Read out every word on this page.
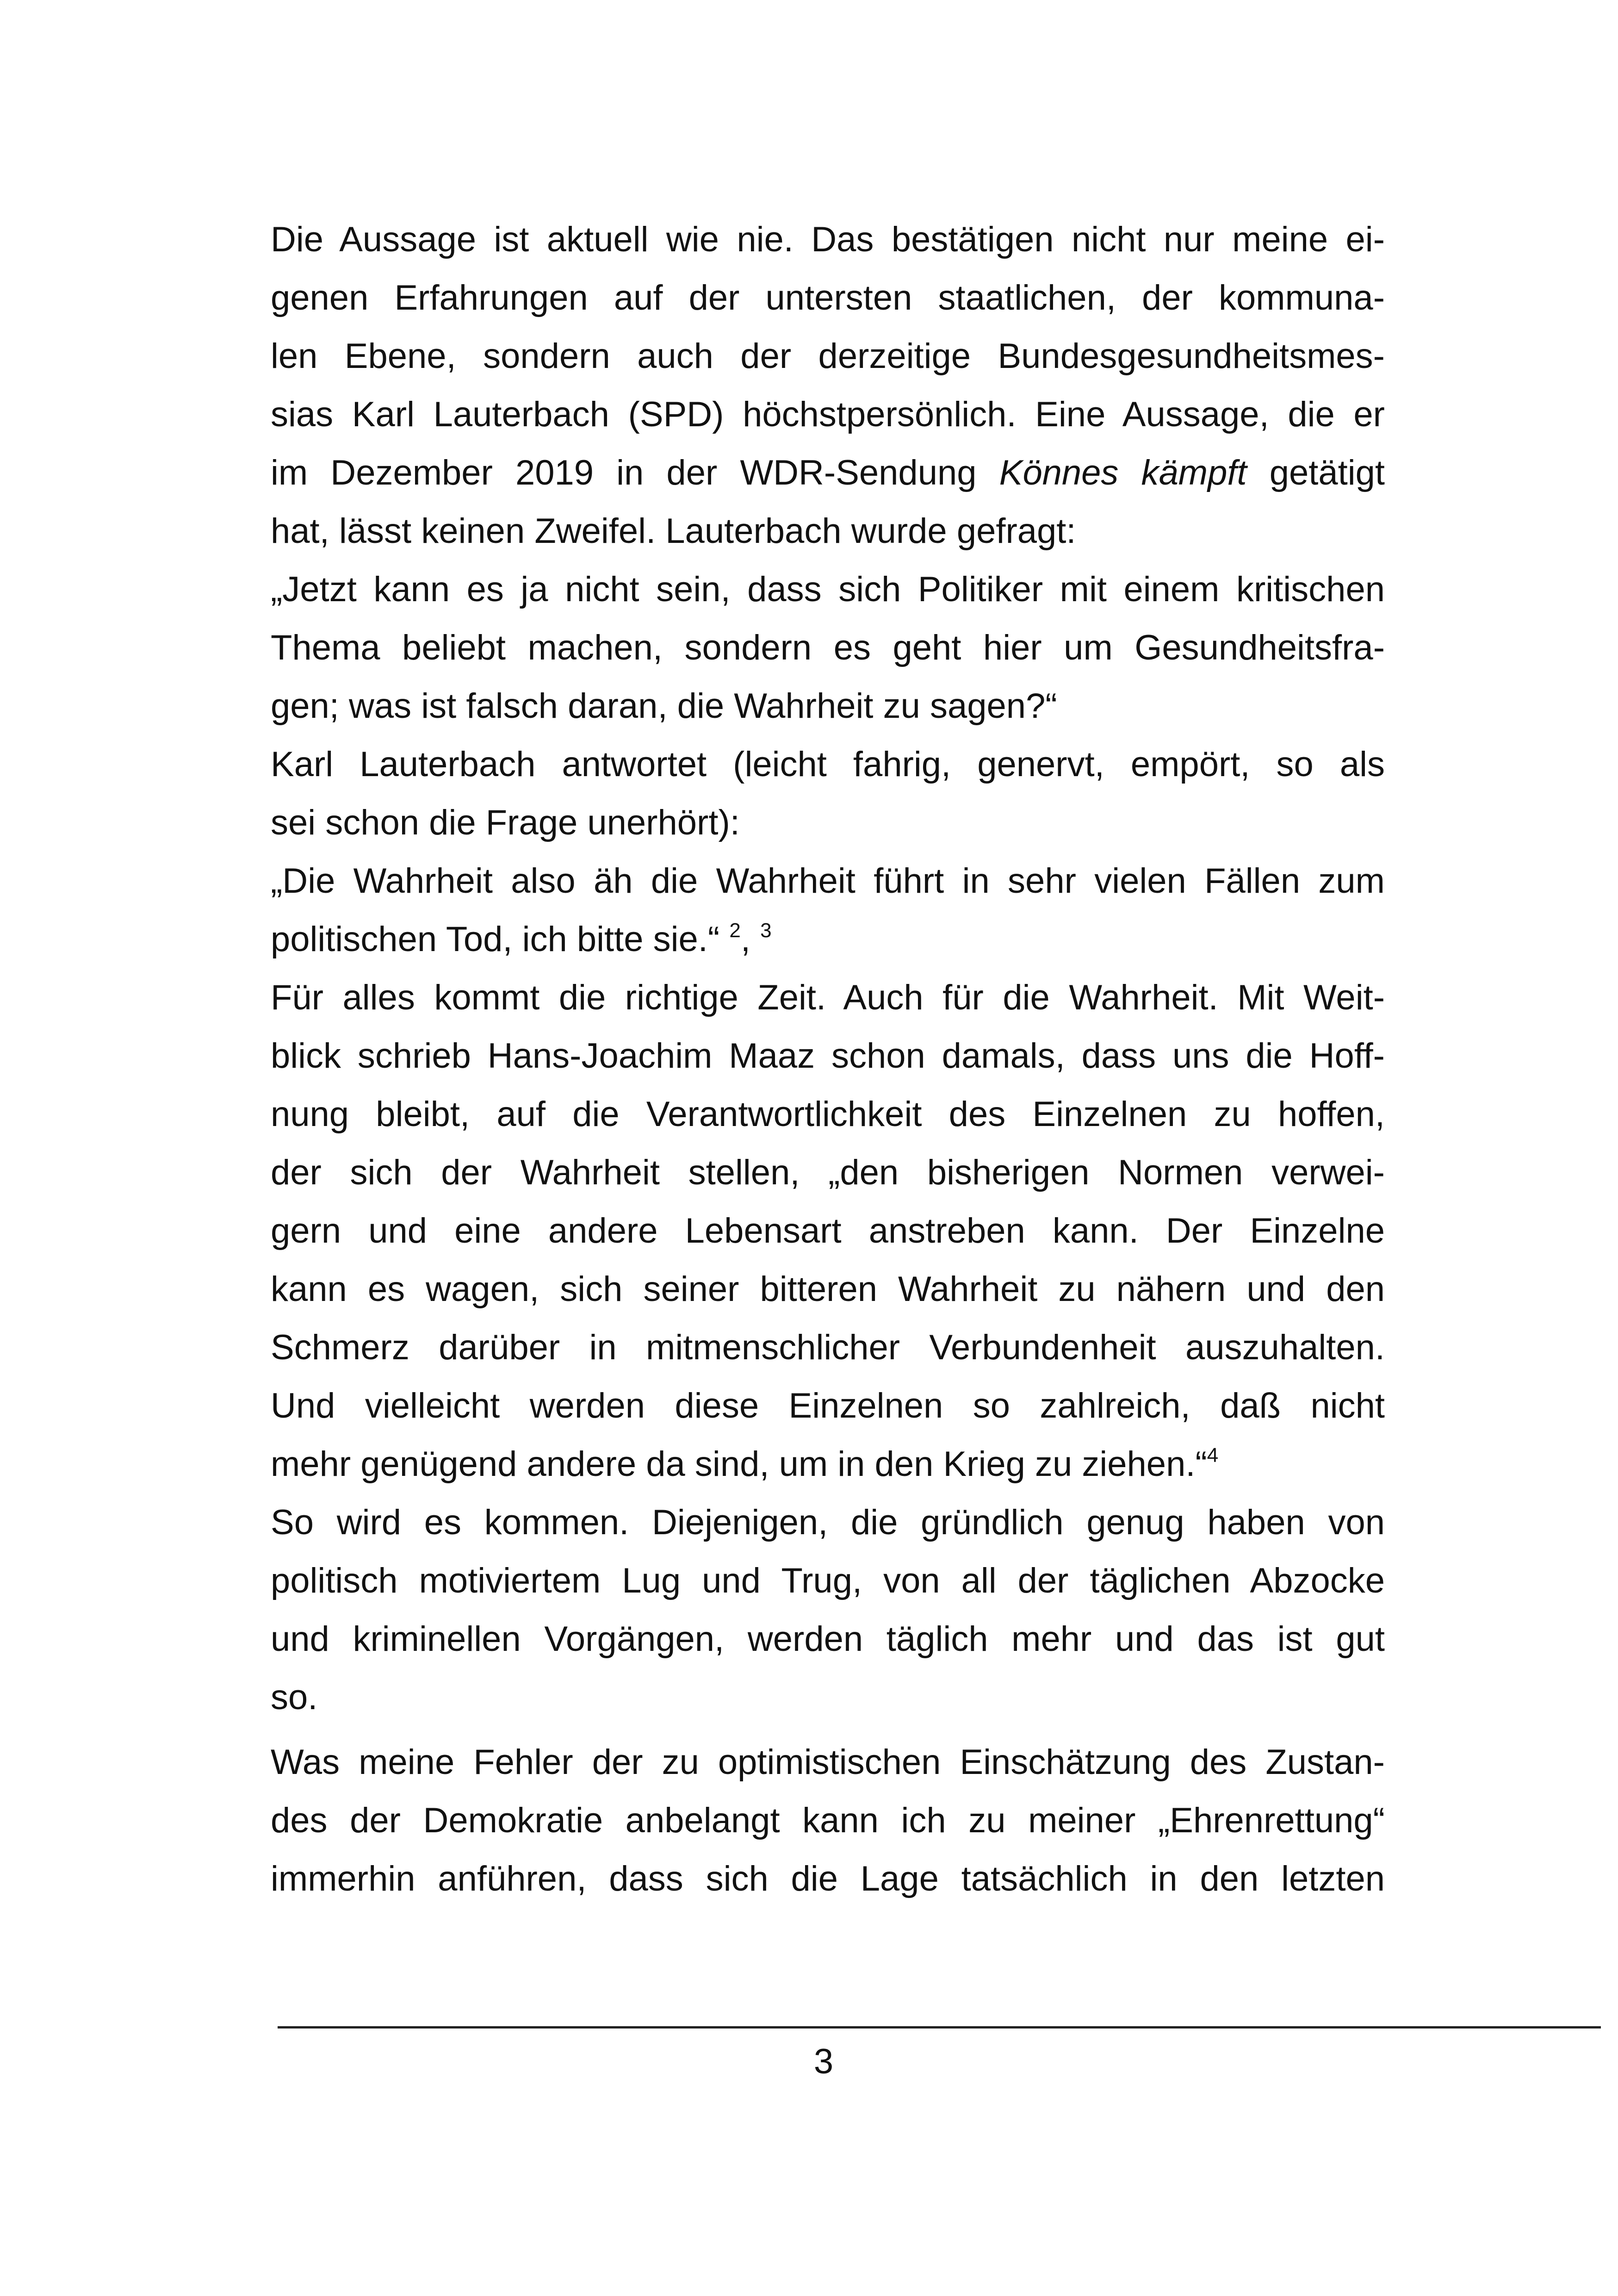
Die Aussage ist aktuell wie nie. Das bestätigen nicht nur meine ei-
genen Erfahrungen auf der untersten staatlichen, der kommuna-
len Ebene, sondern auch der derzeitige Bundesgesundheitsmes-
sias Karl Lauterbach (SPD) höchstpersönlich. Eine Aussage, die er
im Dezember 2019 in der WDR-Sendung Könnes kämpft getätigt
hat, lässt keinen Zweifel. Lauterbach wurde gefragt:
„Jetzt kann es ja nicht sein, dass sich Politiker mit einem kritischen
Thema beliebt machen, sondern es geht hier um Gesundheitsfra-
gen; was ist falsch daran, die Wahrheit zu sagen?“
Karl Lauterbach antwortet (leicht fahrig, genervt, empört, so als
sei schon die Frage unerhört):
„Die Wahrheit also äh die Wahrheit führt in sehr vielen Fällen zum
politischen Tod, ich bitte sie.“ $^2$, $^3$
Für alles kommt die richtige Zeit. Auch für die Wahrheit. Mit Weit-
blick schrieb Hans-Joachim Maaz schon damals, dass uns die Hoff-
nung bleibt, auf die Verantwortlichkeit des Einzelnen zu hoffen,
der sich der Wahrheit stellen, „den bisherigen Normen verwei-
gern und eine andere Lebensart anstreben kann. Der Einzelne
kann es wagen, sich seiner bitteren Wahrheit zu nähern und den
Schmerz darüber in mitmenschlicher Verbundenheit auszuhalten.
Und vielleicht werden diese Einzelnen so zahlreich, daß nicht
mehr genügend andere da sind, um in den Krieg zu ziehen.“$^4$
So wird es kommen. Diejenigen, die gründlich genug haben von
politisch motiviertem Lug und Trug, von all der täglichen Abzocke
und kriminellen Vorgängen, werden täglich mehr und das ist gut
so.
Was meine Fehler der zu optimistischen Einschätzung des Zustan-
des der Demokratie anbelangt kann ich zu meiner „Ehrenrettung“
immerhin anführen, dass sich die Lage tatsächlich in den letzten
3
